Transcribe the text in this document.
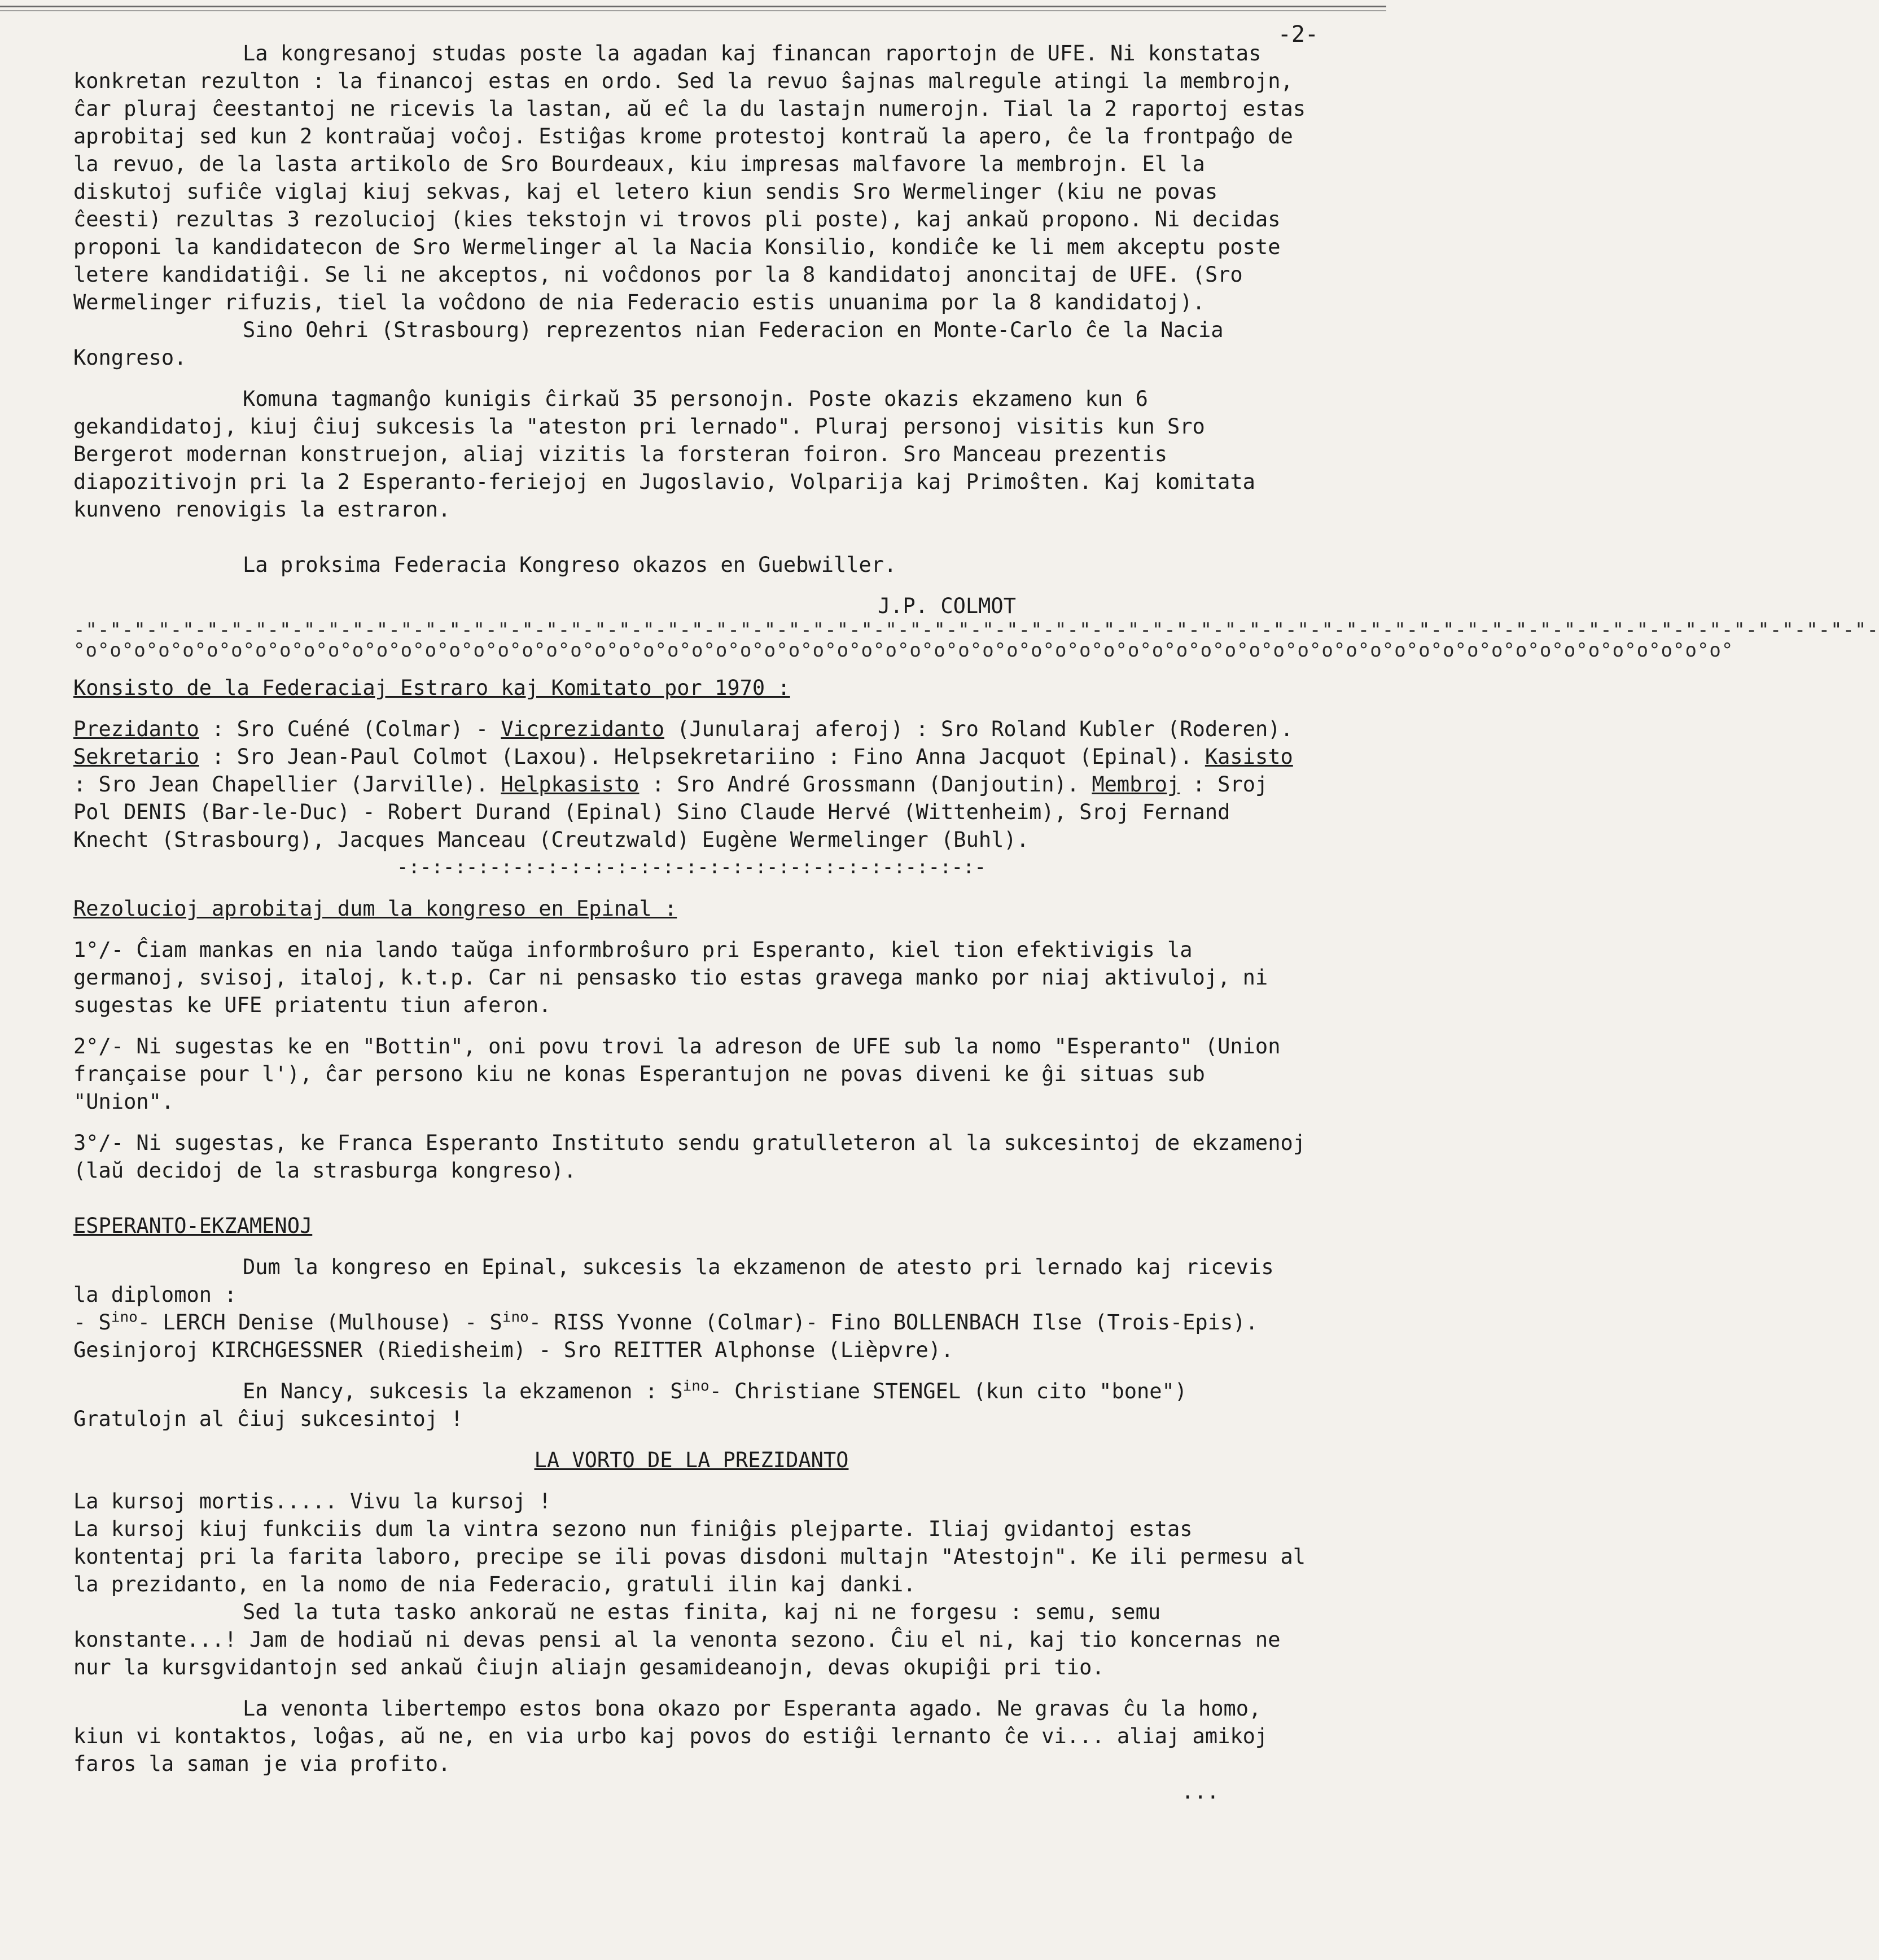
-2-

La kongresanoj studas poste la agadan kaj financan raportojn de UFE. Ni konstatas konkretan rezulton : la financoj estas en ordo. Sed la revuo ŝajnas malregule atingi la membrojn, ĉar pluraj ĉeestantoj ne ricevis la lastan, aŭ eĉ la du lastajn numerojn. Tial la 2 raportoj estas aprobitaj sed kun 2 kontraŭaj voĉoj. Estiĝas krome protestoj kontraŭ la apero, ĉe la frontpaĝo de la revuo, de la lasta artikolo de Sro Bourdeaux, kiu impresas malfavore la membrojn. El la diskutoj sufiĉe viglaj kiuj sekvas, kaj el letero kiun sendis Sro Wermelinger (kiu ne povas ĉeesti) rezultas 3 rezolucioj (kies tekstojn vi trovos pli poste), kaj ankaŭ propono. Ni decidas proponi la kandidatecon de Sro Wermelinger al la Nacia Konsilio, kondiĉe ke li mem akceptu poste letere kandidatiĝi. Se li ne akceptos, ni voĉdonos por la 8 kandidatoj anoncitaj de UFE. (Sro Wermelinger rifuzis, tiel la voĉdono de nia Federacio estis unuanima por la 8 kandidatoj).

Sino Oehri (Strasbourg) reprezentos nian Federacion en Monte-Carlo ĉe la Nacia Kongreso.

Komuna tagmanĝo kunigis ĉirkaŭ 35 personojn. Poste okazis ekzameno kun 6 gekandidatoj, kiuj ĉiuj sukcesis la "ateston pri lernado". Pluraj personoj visitis kun Sro Bergerot modernan konstruejon, aliaj vizitis la forsteran foiron. Sro Manceau prezentis diapozitivojn pri la 2 Esperanto-feriejoj en Jugoslavio, Volparija kaj Primoŝten. Kaj komitata kunveno renovigis la estraron.

La proksima Federacia Kongreso okazos en Guebwiller.

J.P. COLMOT

-"-"-"-"-"-"-"-"-"-"-"-"-"-"-"-"-"-"-"-"-"-"-"-"-"-"-"-"-"-"-"-"-"-"-"-"-"-"-"-"-"-"-"-"-"-"-"-"-"-"-"-"-"-"-"-"-"-"-"-"-"-"-"-"-"-"-"-"-"-"-"-"-"-"-
°o°o°o°o°o°o°o°o°o°o°o°o°o°o°o°o°o°o°o°o°o°o°o°o°o°o°o°o°o°o°o°o°o°o°o°o°o°o°o°o°o°o°o°o°o°o°o°o°o°o°o°o°o°o°o°o°o°o°o°o°o°o°o°o°o°o°o°o°

Konsisto de la Federaciaj Estraro kaj Komitato por 1970 :

Prezidanto : Sro Cuéné (Colmar) - Vicprezidanto (Junularaj aferoj) : Sro Roland Kubler (Roderen). Sekretario : Sro Jean-Paul Colmot (Laxou). Helpsekretariino : Fino Anna Jacquot (Epinal). Kasisto : Sro Jean Chapellier (Jarville). Helpkasisto : Sro André Grossmann (Danjoutin). Membroj : Sroj Pol DENIS (Bar-le-Duc) - Robert Durand (Epinal) Sino Claude Hervé (Wittenheim), Sroj Fernand Knecht (Strasbourg), Jacques Manceau (Creutzwald) Eugène Wermelinger (Buhl).

-:-:-:-:-:-:-:-:-:-:-:-:-:-:-:-:-:-:-:-:-:-:-:-:-:-

Rezolucioj aprobitaj dum la kongreso en Epinal :

1°/- Ĉiam mankas en nia lando taŭga informbroŝuro pri Esperanto, kiel tion efektivigis la germanoj, svisoj, italoj, k.t.p. Car ni pensasko tio estas gravega manko por niaj aktivuloj, ni sugestas ke UFE priatentu tiun aferon.

2°/- Ni sugestas ke en "Bottin", oni povu trovi la adreson de UFE sub la nomo "Esperanto" (Union française pour l'), ĉar persono kiu ne konas Esperantujon ne povas diveni ke ĝi situas sub "Union".

3°/- Ni sugestas, ke Franca Esperanto Instituto sendu gratulleteron al la sukcesintoj de ekzamenoj (laŭ decidoj de la strasburga kongreso).

ESPERANTO-EKZAMENOJ

Dum la kongreso en Epinal, sukcesis la ekzamenon de atesto pri lernado kaj ricevis la diplomon :

- $S^{ino}-$ LERCH Denise (Mulhouse) - $S^{ino}-$ RISS Yvonne (Colmar)- Fino BOLLENBACH Ilse (Trois-Epis). Gesinjoroj KIRCHGESSNER (Riedisheim) - Sro REITTER Alphonse (Lièpvre).

En Nancy, sukcesis la ekzamenon : $S^{ino}-$ Christiane STENGEL (kun cito "bone")

Gratulojn al ĉiuj sukcesintoj !

LA VORTO DE LA PREZIDANTO

La kursoj mortis..... Vivu la kursoj !

La kursoj kiuj funkciis dum la vintra sezono nun finiĝis plejparte. Iliaj gvidantoj estas kontentaj pri la farita laboro, precipe se ili povas disdoni multajn "Atestojn". Ke ili permesu al la prezidanto, en la nomo de nia Federacio, gratuli ilin kaj danki.

Sed la tuta tasko ankoraŭ ne estas finita, kaj ni ne forgesu : semu, semu konstante...! Jam de hodiaŭ ni devas pensi al la venonta sezono. Ĉiu el ni, kaj tio koncernas ne nur la kursgvidantojn sed ankaŭ ĉiujn aliajn gesamideanojn, devas okupiĝi pri tio.

La venonta libertempo estos bona okazo por Esperanta agado. Ne gravas ĉu la homo, kiun vi kontaktos, loĝas, aŭ ne, en via urbo kaj povos do estiĝi lernanto ĉe vi... aliaj amikoj faros la saman je via profito.

...
